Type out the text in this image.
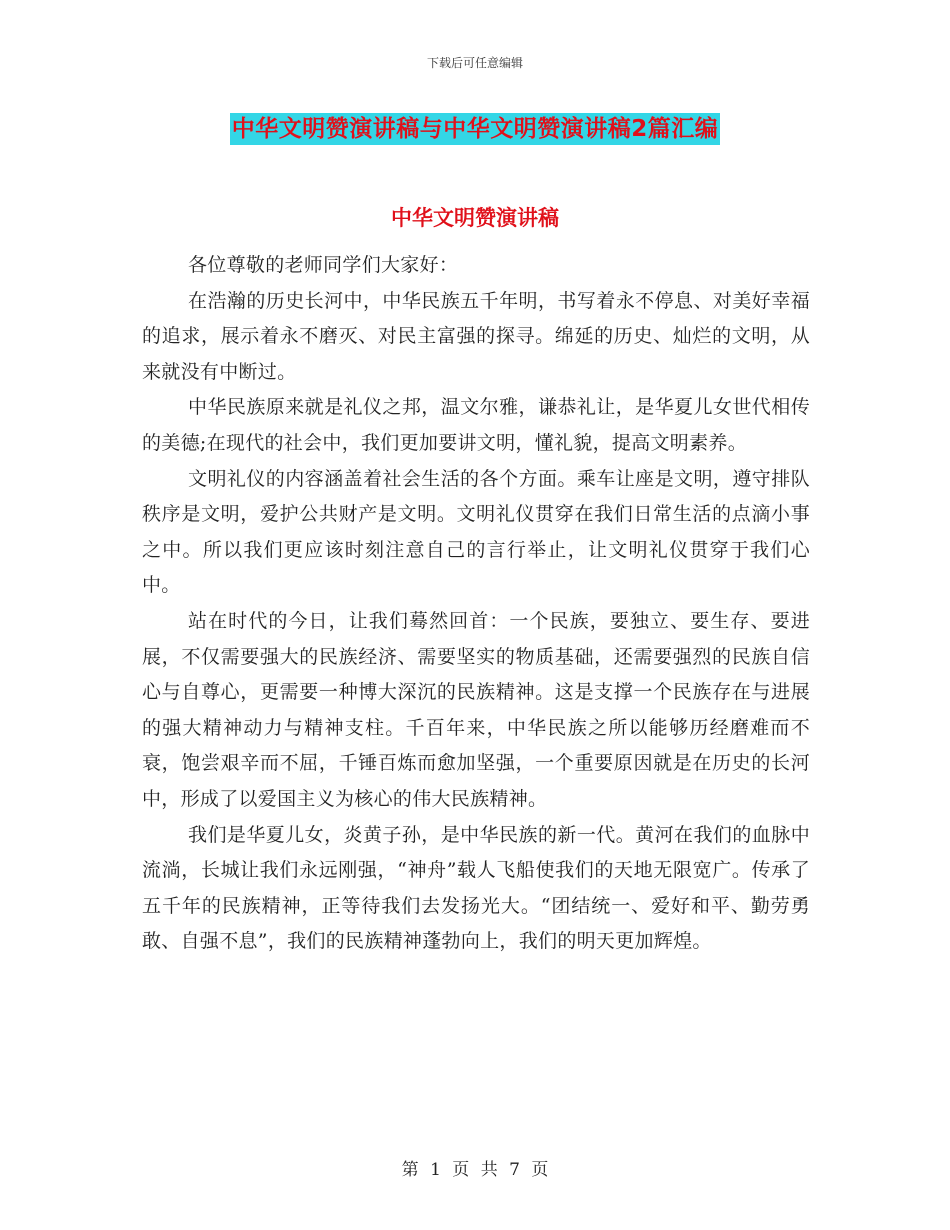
下载后可任意编辑
中华文明赞演讲稿与中华文明赞演讲稿2篇汇编
中华文明赞演讲稿

各位尊敬的老师同学们大家好：

在浩瀚的历史长河中，中华民族五千年明，书写着永不停息、对美好幸福的追求，展示着永不磨灭、对民主富强的探寻。绵延的历史、灿烂的文明，从来就没有中断过。

中华民族原来就是礼仪之邦，温文尔雅，谦恭礼让，是华夏儿女世代相传的美德;在现代的社会中，我们更加要讲文明，懂礼貌，提高文明素养。

文明礼仪的内容涵盖着社会生活的各个方面。乘车让座是文明，遵守排队秩序是文明，爱护公共财产是文明。文明礼仪贯穿在我们日常生活的点滴小事之中。所以我们更应该时刻注意自己的言行举止，让文明礼仪贯穿于我们心中。

站在时代的今日，让我们蓦然回首：一个民族，要独立、要生存、要进展，不仅需要强大的民族经济、需要坚实的物质基础，还需要强烈的民族自信心与自尊心，更需要一种博大深沉的民族精神。这是支撑一个民族存在与进展的强大精神动力与精神支柱。千百年来，中华民族之所以能够历经磨难而不衰，饱尝艰辛而不屈，千锤百炼而愈加坚强，一个重要原因就是在历史的长河中，形成了以爱国主义为核心的伟大民族精神。

我们是华夏儿女，炎黄子孙，是中华民族的新一代。黄河在我们的血脉中流淌，长城让我们永远刚强，“神舟”载人飞船使我们的天地无限宽广。传承了五千年的民族精神，正等待我们去发扬光大。“团结统一、爱好和平、勤劳勇敢、自强不息”，我们的民族精神蓬勃向上，我们的明天更加辉煌。

第 1 页 共 7 页
